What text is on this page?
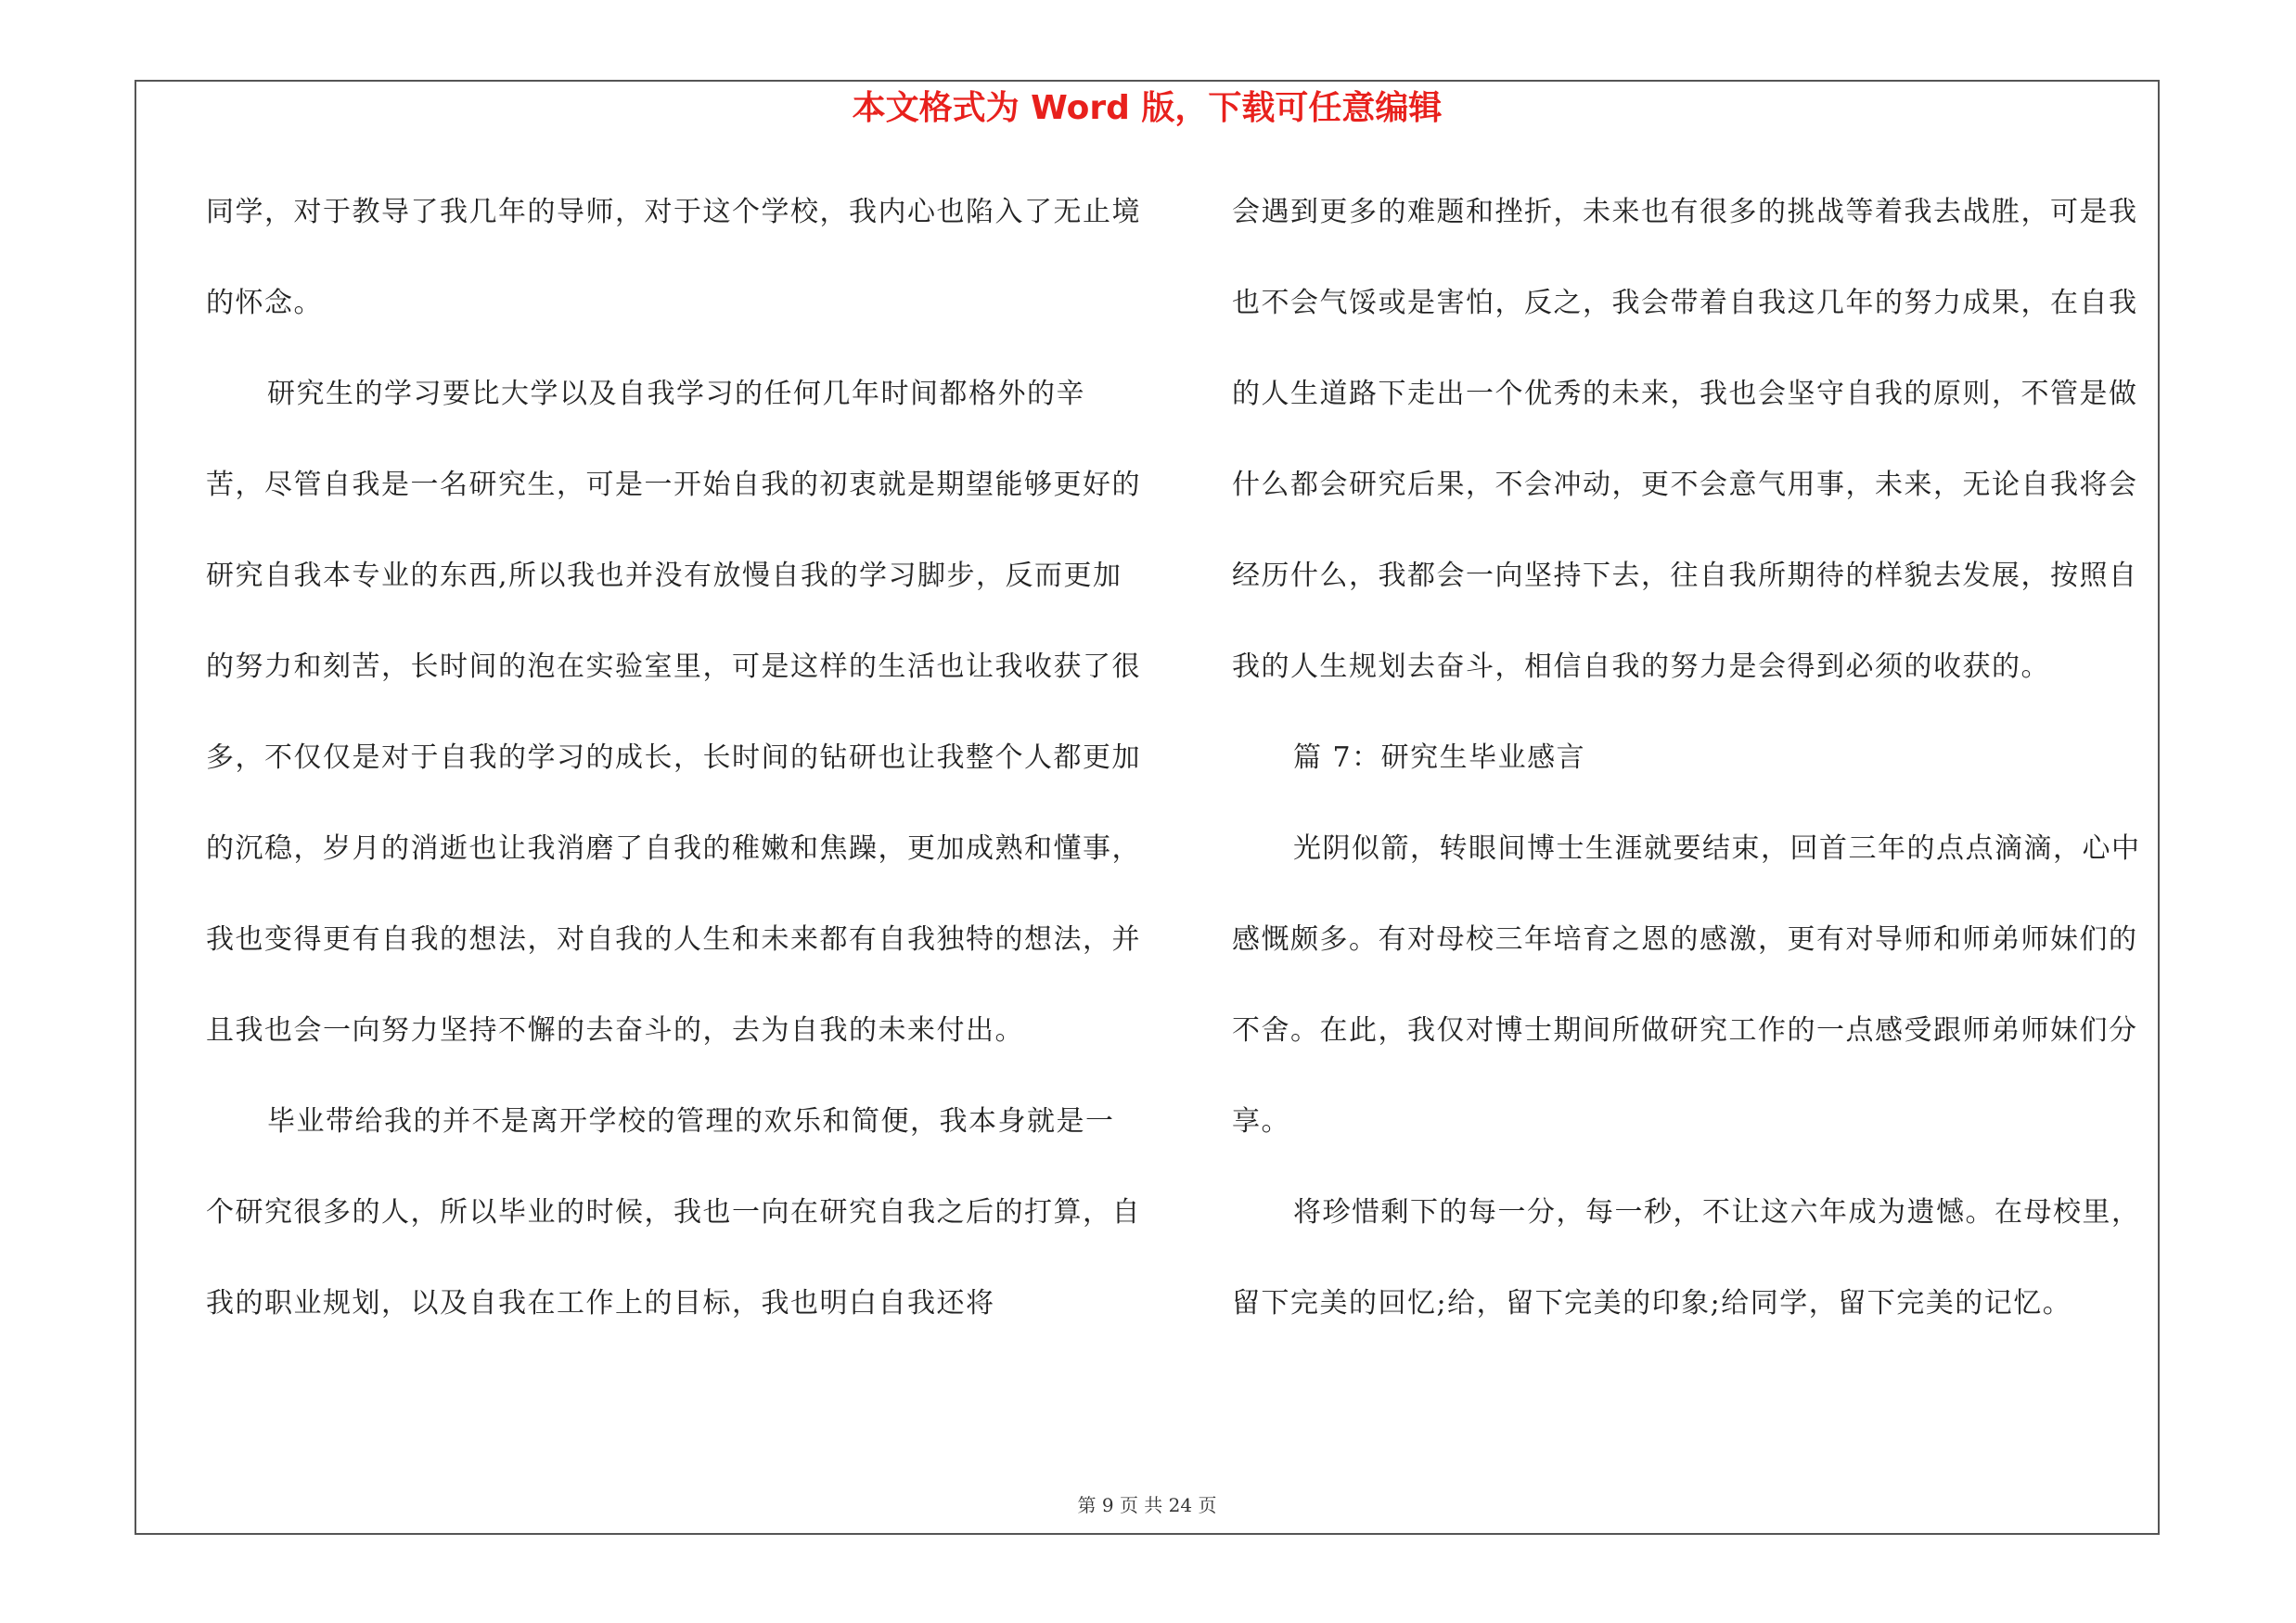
本文格式为 Word 版，下载可任意编辑

同学，对于教导了我几年的导师，对于这个学校，我内心也陷入了无止境的怀念。

研究生的学习要比大学以及自我学习的任何几年时间都格外的辛苦，尽管自我是一名研究生，可是一开始自我的初衷就是期望能够更好的研究自我本专业的东西,所以我也并没有放慢自我的学习脚步，反而更加的努力和刻苦，长时间的泡在实验室里，可是这样的生活也让我收获了很多，不仅仅是对于自我的学习的成长，长时间的钻研也让我整个人都更加的沉稳，岁月的消逝也让我消磨了自我的稚嫩和焦躁，更加成熟和懂事，我也变得更有自我的想法，对自我的人生和未来都有自我独特的想法，并且我也会一向努力坚持不懈的去奋斗的，去为自我的未来付出。

毕业带给我的并不是离开学校的管理的欢乐和简便，我本身就是一个研究很多的人，所以毕业的时候，我也一向在研究自我之后的打算，自我的职业规划，以及自我在工作上的目标，我也明白自我还将

会遇到更多的难题和挫折，未来也有很多的挑战等着我去战胜，可是我也不会气馁或是害怕，反之，我会带着自我这几年的努力成果，在自我的人生道路下走出一个优秀的未来，我也会坚守自我的原则，不管是做什么都会研究后果，不会冲动，更不会意气用事，未来，无论自我将会经历什么，我都会一向坚持下去，往自我所期待的样貌去发展，按照自我的人生规划去奋斗，相信自我的努力是会得到必须的收获的。

篇 7：研究生毕业感言

光阴似箭，转眼间博士生涯就要结束，回首三年的点点滴滴，心中感慨颇多。有对母校三年培育之恩的感激，更有对导师和师弟师妹们的不舍。在此，我仅对博士期间所做研究工作的一点感受跟师弟师妹们分享。

将珍惜剩下的每一分，每一秒，不让这六年成为遗憾。在母校里，留下完美的回忆;给，留下完美的印象;给同学，留下完美的记忆。

第 9 页 共 24 页
